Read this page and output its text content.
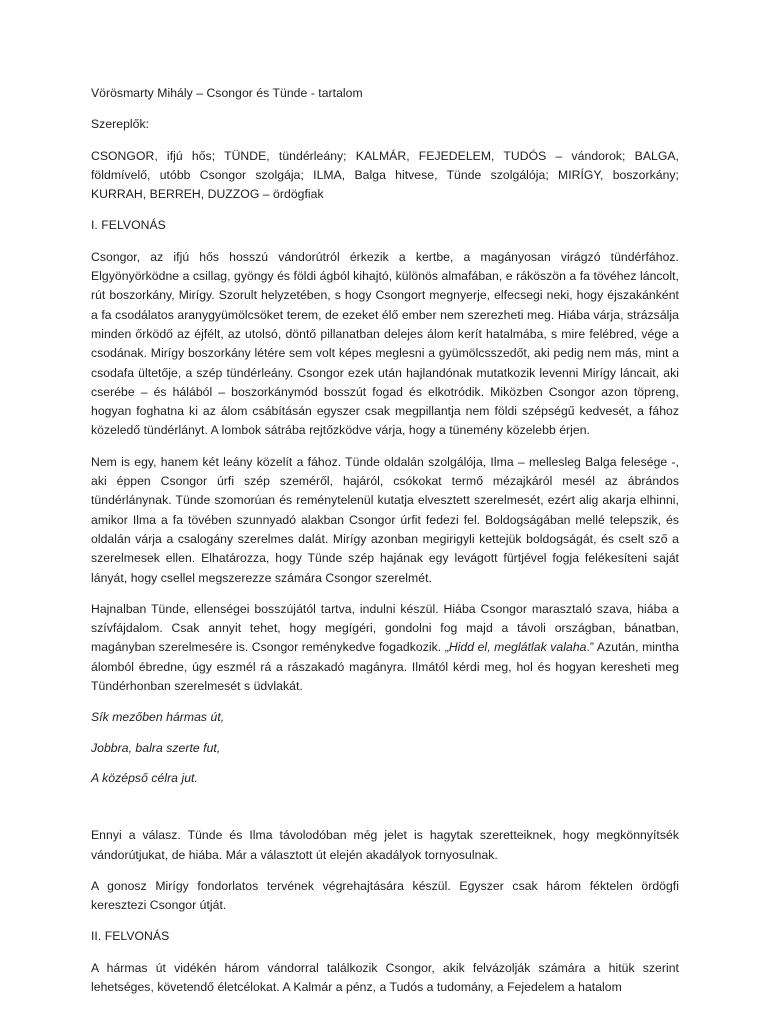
Vörösmarty Mihály – Csongor és Tünde - tartalom

Szereplők:

CSONGOR, ifjú hős; TÜNDE, tündérleány; KALMÁR, FEJEDELEM, TUDÓS – vándorok; BALGA, földmívelő, utóbb Csongor szolgája; ILMA, Balga hitvese, Tünde szolgálója; MIRÍGY, boszorkány; KURRAH, BERREH, DUZZOG – ördögfiak

I. FELVONÁS

Csongor, az ifjú hős hosszú vándorútról érkezik a kertbe, a magányosan virágzó tündérfához. Elgyönyörködne a csillag, gyöngy és földi ágból kihajtó, különös almafában, e ráköszön a fa tövéhez láncolt, rút boszorkány, Mirígy. Szorult helyzetében, s hogy Csongort megnyerje, elfecsegi neki, hogy éjszakánként a fa csodálatos aranygyümölcsöket terem, de ezeket élő ember nem szerezheti meg. Hiába várja, strázsálja minden őrködő az éjfélt, az utolsó, döntő pillanatban delejes álom kerít hatalmába, s mire felébred, vége a csodának. Mirígy boszorkány létére sem volt képes meglesni a gyümölcsszedőt, aki pedig nem más, mint a csodafa ültetője, a szép tündérleány. Csongor ezek után hajlandónak mutatkozik levenni Mirígy láncait, aki cserébe – és hálából – boszorkánymód bosszút fogad és elkotródik. Miközben Csongor azon töpreng, hogyan foghatna ki az álom csábításán egyszer csak megpillantja nem földi szépségű kedvesét, a fához közeledő tündérlányt. A lombok sátrába rejtőzködve várja, hogy a tünemény közelebb érjen.

Nem is egy, hanem két leány közelít a fához. Tünde oldalán szolgálója, Ilma – mellesleg Balga felesége -, aki éppen Csongor úrfi szép szeméről, hajáról, csókokat termő mézajkáról mesél az ábrándos tündérlánynak. Tünde szomorúan és reménytelenül kutatja elvesztett szerelmesét, ezért alig akarja elhinni, amikor Ilma a fa tövében szunnyadó alakban Csongor úrfit fedezi fel. Boldogságában mellé telepszik, és oldalán várja a csalogány szerelmes dalát. Mirígy azonban megirigyli kettejük boldogságát, és cselt sző a szerelmesek ellen. Elhatározza, hogy Tünde szép hajának egy levágott fürtjével fogja felékesíteni saját lányát, hogy csellel megszerezze számára Csongor szerelmét.

Hajnalban Tünde, ellenségei bosszújától tartva, indulni készül. Hiába Csongor marasztaló szava, hiába a szívfájdalom. Csak annyit tehet, hogy megígéri, gondolni fog majd a távoli országban, bánatban, magányban szerelmesére is. Csongor reménykedve fogadkozik. „Hidd el, meglátlak valaha.” Azután, mintha álomból ébredne, úgy eszmél rá a rászakadó magányra. Ilmától kérdi meg, hol és hogyan keresheti meg Tündérhonban szerelmesét s üdvlakát.

Sík mezőben hármas út,

Jobbra, balra szerte fut,

A középső célra jut.

Ennyi a válasz. Tünde és Ilma távolodóban még jelet is hagytak szeretteiknek, hogy megkönnyítsék vándorútjukat, de hiába. Már a választott út elején akadályok tornyosulnak.

A gonosz Mirígy fondorlatos tervének végrehajtására készül. Egyszer csak három féktelen ördögfi keresztezi Csongor útját.

II. FELVONÁS

A hármas út vidékén három vándorral találkozik Csongor, akik felvázolják számára a hitük szerint lehetséges, követendő életcélokat. A Kalmár a pénz, a Tudós a tudomány, a Fejedelem a hatalom
